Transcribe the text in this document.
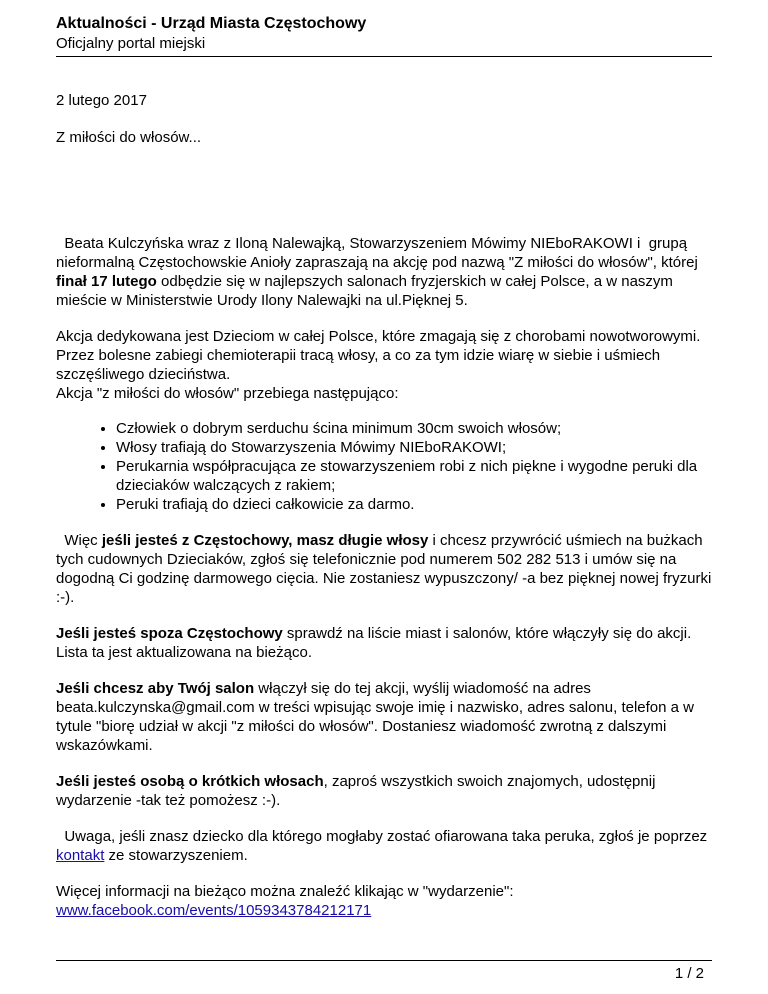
Aktualności - Urząd Miasta Częstochowy
Oficjalny portal miejski

2 lutego 2017

Z miłości do włosów...

Beata Kulczyńska wraz z Iloną Nalewajką, Stowarzyszeniem Mówimy NIEboRAKOWI i  grupą nieformalną Częstochowskie Anioły zapraszają na akcję pod nazwą "Z miłości do włosów", której finał 17 lutego odbędzie się w najlepszych salonach fryzjerskich w całej Polsce, a w naszym mieście w Ministerstwie Urody Ilony Nalewajki na ul.Pięknej 5.

Akcja dedykowana jest Dzieciom w całej Polsce, które zmagają się z chorobami nowotworowymi. Przez bolesne zabiegi chemioterapii tracą włosy, a co za tym idzie wiarę w siebie i uśmiech szczęśliwego dzieciństwa.

Akcja "z miłości do włosów" przebiega następująco:

• Człowiek o dobrym serduchu ścina minimum 30cm swoich włosów;
• Włosy trafiają do Stowarzyszenia Mówimy NIEboRAKOWI;
• Perukarnia współpracująca ze stowarzyszeniem robi z nich piękne i wygodne peruki dla dzieciaków walczących z rakiem;
• Peruki trafiają do dzieci całkowicie za darmo.

Więc jeśli jesteś z Częstochowy, masz długie włosy i chcesz przywrócić uśmiech na bużkach tych cudownych Dzieciaków, zgłoś się telefonicznie pod numerem 502 282 513 i umów się na dogodną Ci godzinę darmowego cięcia. Nie zostaniesz wypuszczony/ -a bez pięknej nowej fryzurki :-).

Jeśli jesteś spoza Częstochowy sprawdź na liście miast i salonów, które włączyły się do akcji. Lista ta jest aktualizowana na bieżąco.

Jeśli chcesz aby Twój salon włączył się do tej akcji, wyślij wiadomość na adres beata.kulczynska@gmail.com w treści wpisując swoje imię i nazwisko, adres salonu, telefon a w tytule "biorę udział w akcji "z miłości do włosów". Dostaniesz wiadomość zwrotną z dalszymi wskazówkami.

Jeśli jesteś osobą o krótkich włosach, zaproś wszystkich swoich znajomych, udostępnij wydarzenie -tak też pomożesz :-).

Uwaga, jeśli znasz dziecko dla którego mogłaby zostać ofiarowana taka peruka, zgłoś je poprzez kontakt ze stowarzyszeniem.

Więcej informacji na bieżąco można znaleźć klikając w "wydarzenie":
www.facebook.com/events/1059343784212171

1 / 2
